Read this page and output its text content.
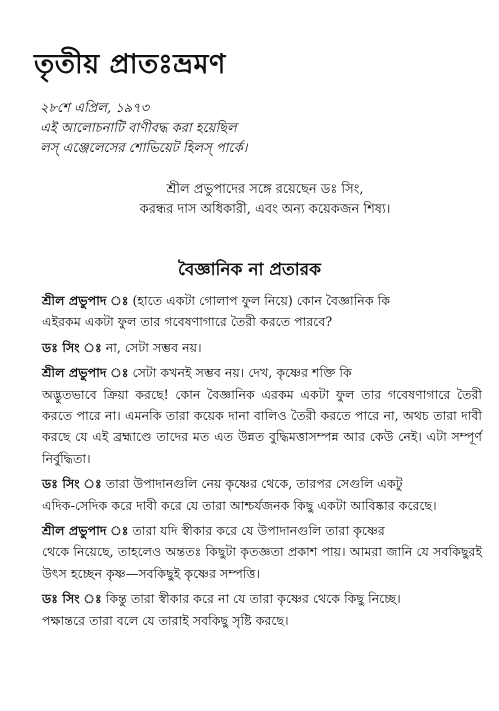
তৃতীয় প্রাতঃভ্রমণ
২৮শে এপ্রিল, ১৯৭৩
এই আলোচনাটি বাণীবদ্ধ করা হয়েছিল
লস্ এঞ্জেলেসের শোভিয়েট হিলস্ পার্কে।
শ্রীল প্রভুপাদের সঙ্গে রয়েছেন ডঃ সিং,
করন্ধর দাস অধিকারী, এবং অন্য কয়েকজন শিষ্য।
বৈজ্ঞানিক না প্রতারক

শ্রীল প্রভুপাদ ঃ (হাতে একটা গোলাপ ফুল নিয়ে) কোন বৈজ্ঞানিক কি
এইরকম একটা ফুল তার গবেষণাগারে তৈরী করতে পারবে?

ডঃ সিং ঃ না, সেটা সম্ভব নয়।

শ্রীল প্রভুপাদ ঃ সেটা কখনই সম্ভব নয়। দেখ, কৃষ্ণের শক্তি কি
অদ্ভুতভাবে ক্রিয়া করছে! কোন বৈজ্ঞানিক এরকম একটা ফুল তার গবেষণাগারে তৈরী করতে পারে না। এমনকি তারা কয়েক দানা বালিও তৈরী করতে পারে না, অথচ তারা দাবী করছে যে এই ব্রহ্মাণ্ডে তাদের মত এত উন্নত বুদ্ধিমত্তাসম্পন্ন আর কেউ নেই। এটা সম্পূর্ণ নির্বুদ্ধিতা।

ডঃ সিং ঃ তারা উপাদানগুলি নেয় কৃষ্ণের থেকে, তারপর সেগুলি একটু
এদিক-সেদিক করে দাবী করে যে তারা আশ্চর্যজনক কিছু একটা আবিষ্কার করেছে।

শ্রীল প্রভুপাদ ঃ তারা যদি স্বীকার করে যে উপাদানগুলি তারা কৃষ্ণের
থেকে নিয়েছে, তাহলেও অন্ততঃ কিছুটা কৃতজ্ঞতা প্রকাশ পায়। আমরা জানি যে সবকিছুরই উৎস হচ্ছেন কৃষ্ণ—সবকিছুই কৃষ্ণের সম্পত্তি।

ডঃ সিং ঃ কিন্তু তারা স্বীকার করে না যে তারা কৃষ্ণের থেকে কিছু নিচ্ছে।
পক্ষান্তরে তারা বলে যে তারাই সবকিছু সৃষ্টি করছে।
